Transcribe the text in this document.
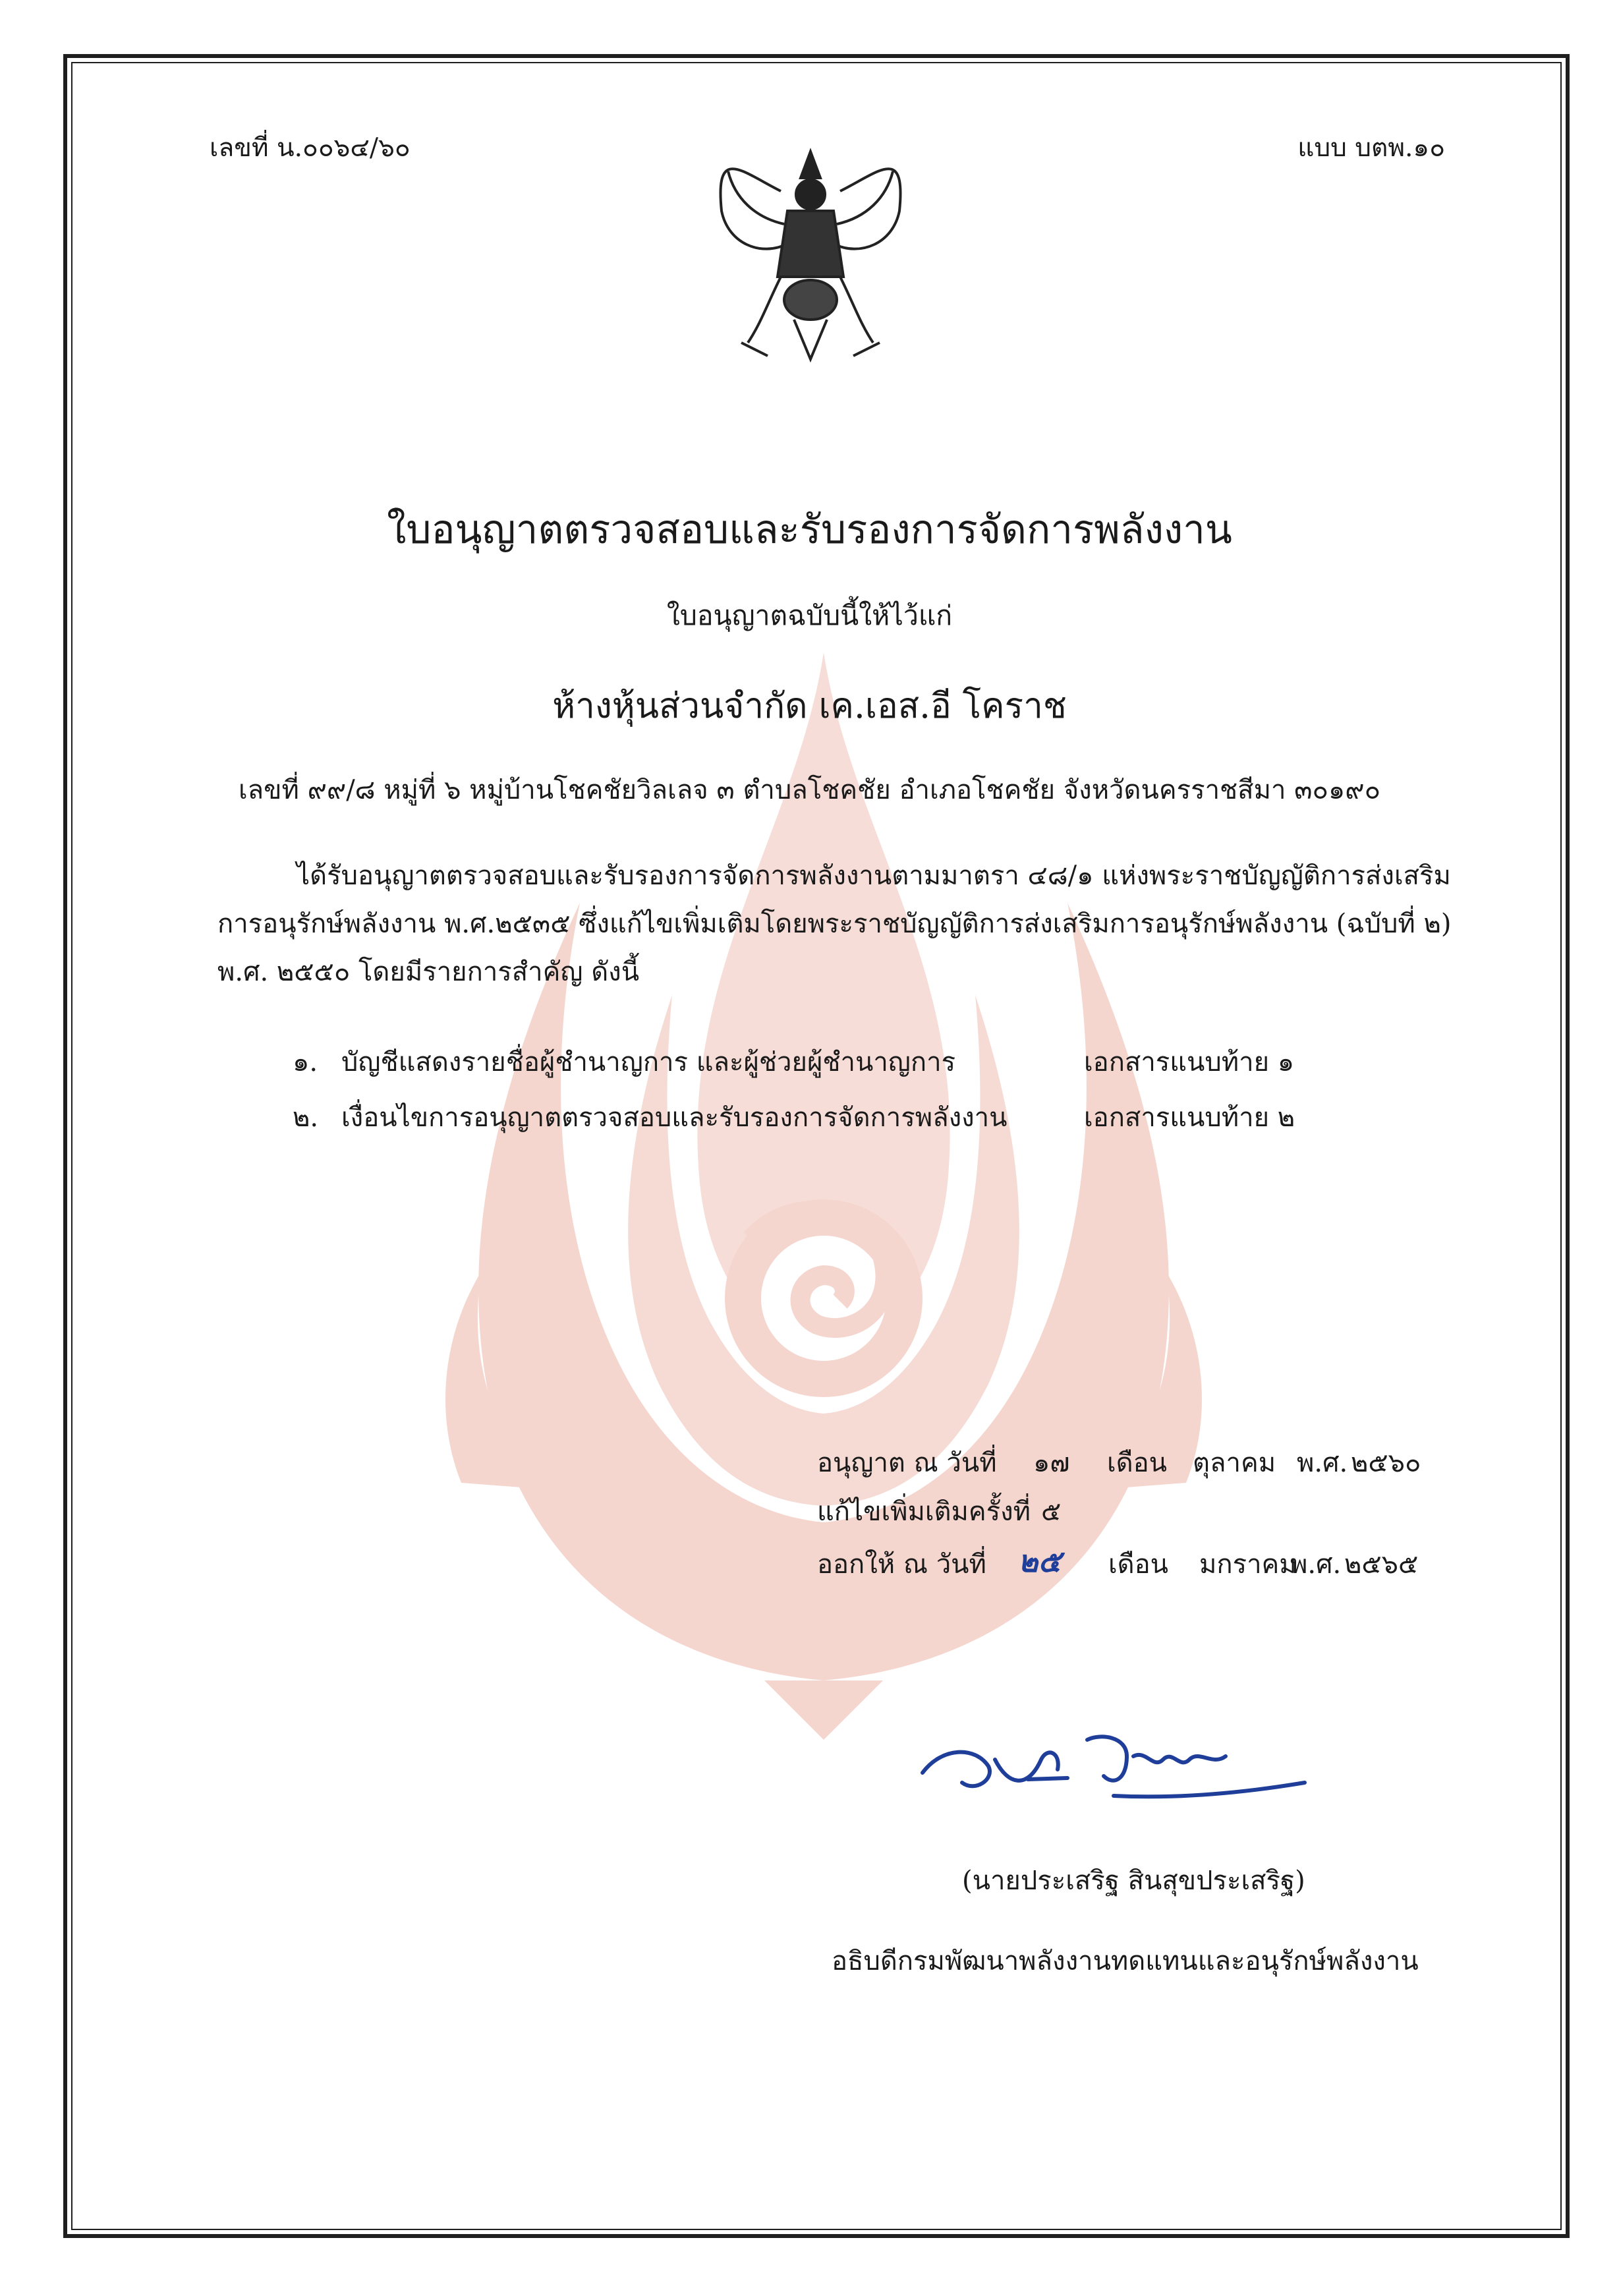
เลขที่ น.๐๐๖๔/๖๐	แบบ บตพ.๑๐
ใบอนุญาตตรวจสอบและรับรองการจัดการพลังงาน
ใบอนุญาตฉบับนี้ให้ไว้แก่
ห้างหุ้นส่วนจำกัด เค.เอส.อี โคราช
เลขที่ ๙๙/๘ หมู่ที่ ๖ หมู่บ้านโชคชัยวิลเลจ ๓ ตำบลโชคชัย อำเภอโชคชัย จังหวัดนครราชสีมา ๓๐๑๙๐
ได้รับอนุญาตตรวจสอบและรับรองการจัดการพลังงานตามมาตรา ๔๘/๑ แห่งพระราชบัญญัติการส่งเสริม
การอนุรักษ์พลังงาน พ.ศ.๒๕๓๕ ซึ่งแก้ไขเพิ่มเติมโดยพระราชบัญญัติการส่งเสริมการอนุรักษ์พลังงาน (ฉบับที่ ๒)
พ.ศ. ๒๕๕๐ โดยมีรายการสำคัญ ดังนี้
๑. บัญชีแสดงรายชื่อผู้ชำนาญการ และผู้ช่วยผู้ชำนาญการ	เอกสารแนบท้าย ๑
๒. เงื่อนไขการอนุญาตตรวจสอบและรับรองการจัดการพลังงาน	เอกสารแนบท้าย ๒
อนุญาต ณ วันที่ ๑๗ เดือน ตุลาคม พ.ศ. ๒๕๖๐
แก้ไขเพิ่มเติมครั้งที่ ๕
ออกให้ ณ วันที่ ๒๕ เดือน มกราคม
พ.ศ. ๒๕๖๕
(นายประเสริฐ สินสุขประเสริฐ)
อธิบดีกรมพัฒนาพลังงานทดแทนและอนุรักษ์พลังงาน
